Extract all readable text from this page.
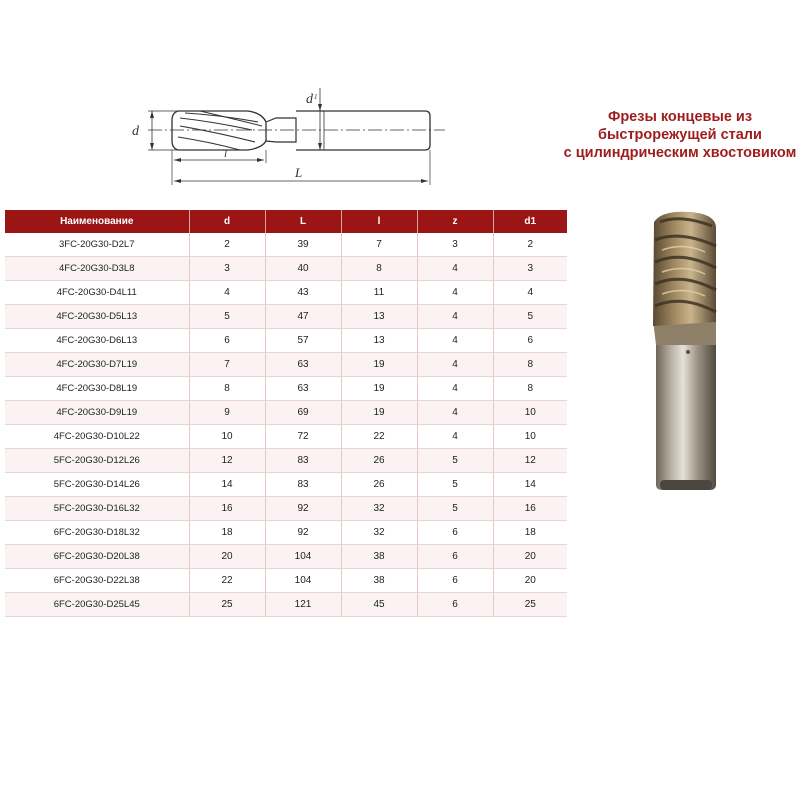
d
d 1
l
L
Фрезы концевые из
быстрорежущей стали
с цилиндрическим хвостовиком
Наименование	d	L	l	z	d1
3FC-20G30-D2L7	2	39	7	3	2
4FC-20G30-D3L8	3	40	8	4	3
4FC-20G30-D4L11	4	43	11	4	4
4FC-20G30-D5L13	5	47	13	4	5
4FC-20G30-D6L13	6	57	13	4	6
4FC-20G30-D7L19	7	63	19	4	8
4FC-20G30-D8L19	8	63	19	4	8
4FC-20G30-D9L19	9	69	19	4	10
4FC-20G30-D10L22	10	72	22	4	10
5FC-20G30-D12L26	12	83	26	5	12
5FC-20G30-D14L26	14	83	26	5	14
5FC-20G30-D16L32	16	92	32	5	16
6FC-20G30-D18L32	18	92	32	6	18
6FC-20G30-D20L38	20	104	38	6	20
6FC-20G30-D22L38	22	104	38	6	20
6FC-20G30-D25L45	25	121	45	6	25
